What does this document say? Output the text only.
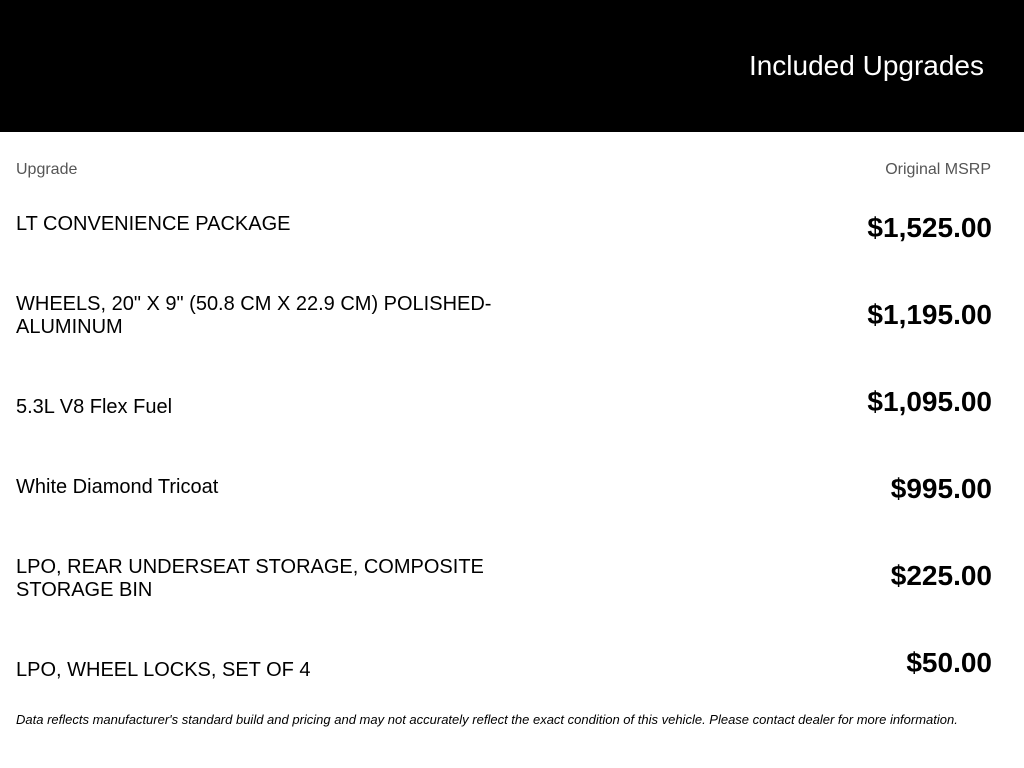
Included Upgrades
Upgrade	Original MSRP
LT CONVENIENCE PACKAGE	$1,525.00
WHEELS, 20" X 9" (50.8 CM X 22.9 CM) POLISHED-ALUMINUM	$1,195.00
5.3L V8 Flex Fuel	$1,095.00
White Diamond Tricoat	$995.00
LPO, REAR UNDERSEAT STORAGE, COMPOSITE STORAGE BIN	$225.00
LPO, WHEEL LOCKS, SET OF 4	$50.00
Data reflects manufacturer's standard build and pricing and may not accurately reflect the exact condition of this vehicle. Please contact dealer for more information.
